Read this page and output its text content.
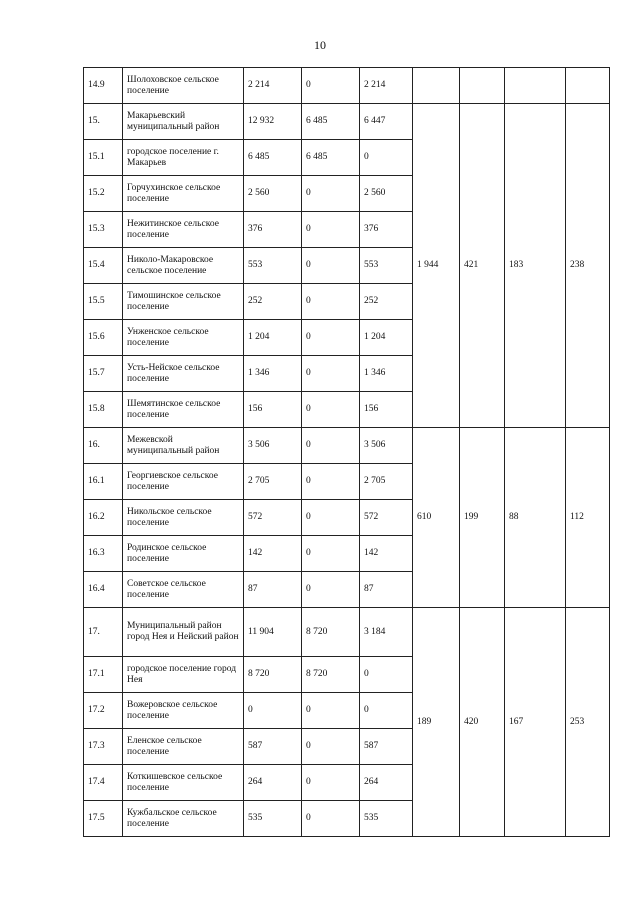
10
14.9	Шолоховское сельское поселение	2 214	0	2 214				
15.	Макарьевский муниципальный район	12 932	6 485	6 447	1 944	421	183	238
15.1	городское поселение г. Макарьев	6 485	6 485	0				
15.2	Горчухинское сельское поселение	2 560	0	2 560				
15.3	Нежитинское сельское поселение	376	0	376				
15.4	Николо-Макаровское сельское поселение	553	0	553				
15.5	Тимошинское сельское поселение	252	0	252				
15.6	Унженское сельское поселение	1 204	0	1 204				
15.7	Усть-Нейское сельское поселение	1 346	0	1 346				
15.8	Шемятинское сельское поселение	156	0	156				
16.	Межевской муниципальный район	3 506	0	3 506	610	199	88	112
16.1	Георгиевское сельское поселение	2 705	0	2 705				
16.2	Никольское сельское поселение	572	0	572				
16.3	Родинское сельское поселение	142	0	142				
16.4	Советское сельское поселение	87	0	87				
17.	Муниципальный район город Нея и Нейский район	11 904	8 720	3 184	189	420	167	253
17.1	городское поселение город Нея	8 720	8 720	0				
17.2	Вожеровское сельское поселение	0	0	0				
17.3	Еленское сельское поселение	587	0	587				
17.4	Коткишевское сельское поселение	264	0	264				
17.5	Кужбальское сельское поселение	535	0	535				
